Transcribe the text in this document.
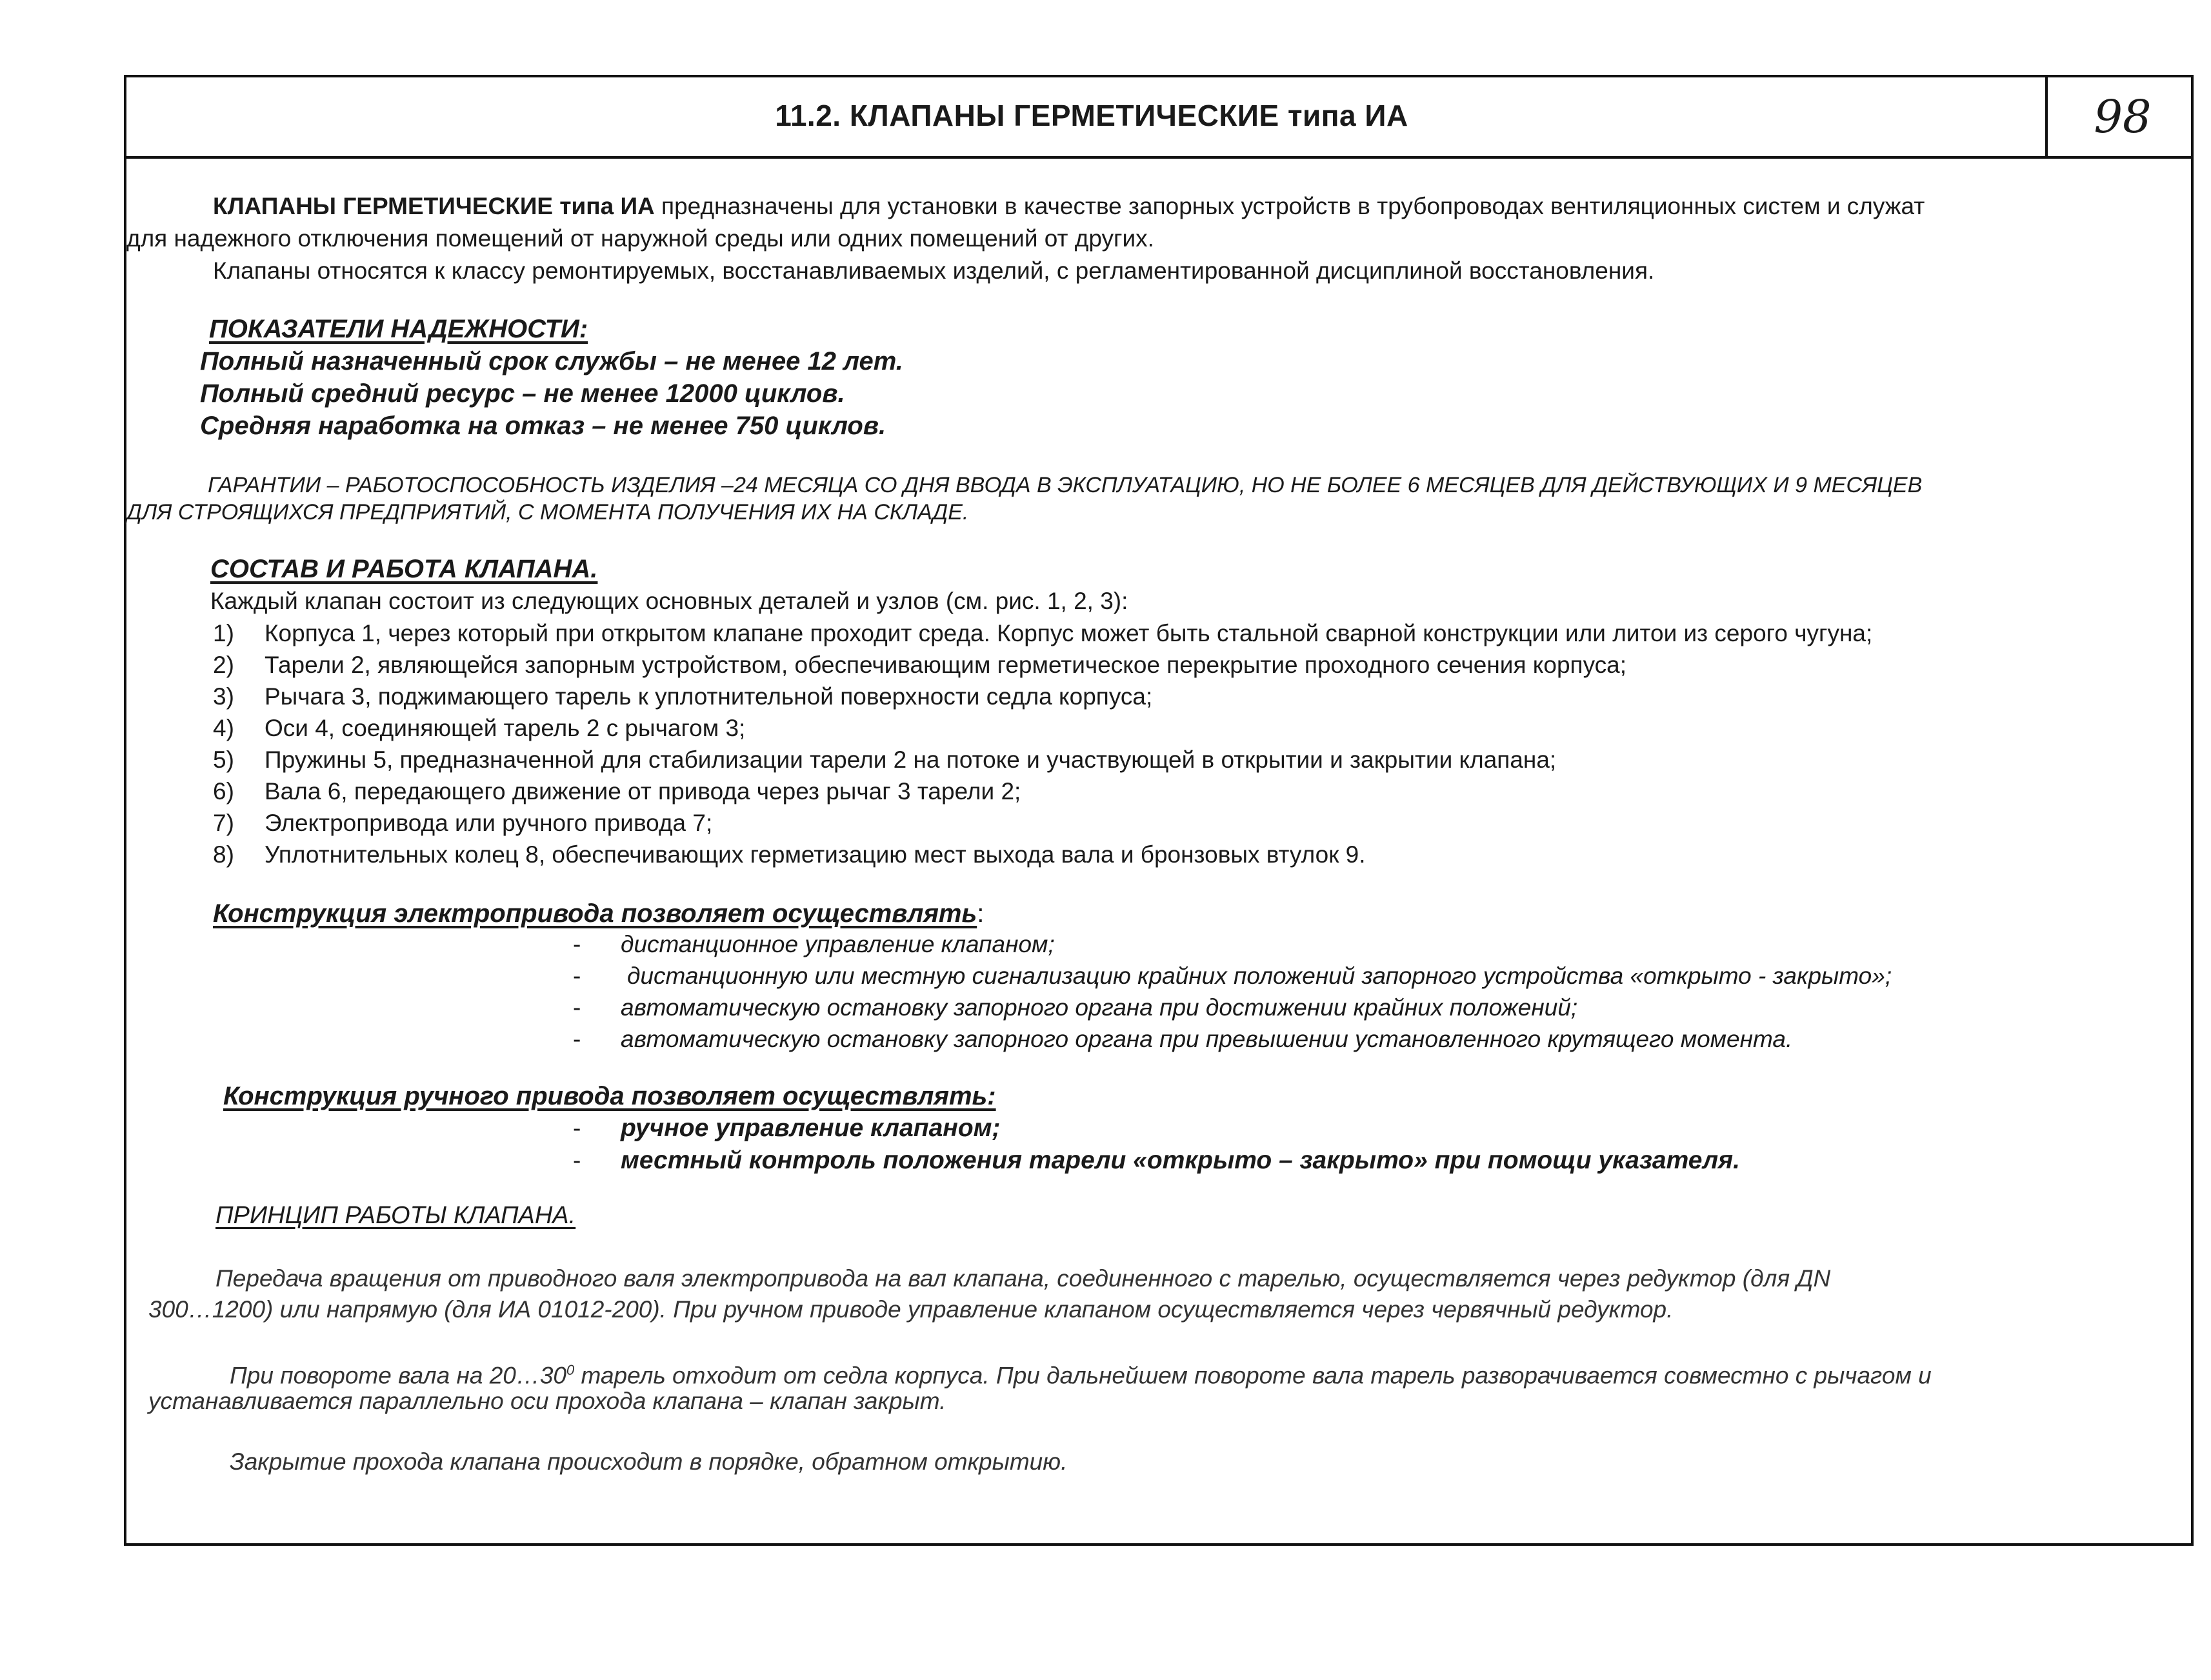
11.2. КЛАПАНЫ ГЕРМЕТИЧЕСКИЕ типа ИА	98
КЛАПАНЫ ГЕРМЕТИЧЕСКИЕ типа ИА предназначены для установки в качестве запорных устройств в трубопроводах вентиляционных систем и служат
для надежного отключения помещений от наружной среды или одних помещений от других.
Клапаны относятся к классу ремонтируемых, восстанавливаемых изделий, с регламентированной дисциплиной восстановления.
ПОКАЗАТЕЛИ НАДЕЖНОСТИ:
Полный назначенный срок службы – не менее 12 лет.
Полный средний ресурс – не менее 12000 циклов.
Средняя наработка на отказ – не менее 750 циклов.
ГАРАНТИИ – РАБОТОСПОСОБНОСТЬ ИЗДЕЛИЯ –24 МЕСЯЦА СО ДНЯ ВВОДА В ЭКСПЛУАТАЦИЮ, НО НЕ БОЛЕЕ 6 МЕСЯЦЕВ ДЛЯ ДЕЙСТВУЮЩИХ И 9 МЕСЯЦЕВ
ДЛЯ СТРОЯЩИХСЯ ПРЕДПРИЯТИЙ, С МОМЕНТА ПОЛУЧЕНИЯ ИХ НА СКЛАДЕ.
СОСТАВ И РАБОТА КЛАПАНА.
Каждый клапан состоит из следующих основных деталей и узлов (см. рис. 1, 2, 3):
1) Корпуса 1, через который при открытом клапане проходит среда. Корпус может быть стальной сварной конструкции или литои из серого чугуна;
2) Тарели 2, являющейся запорным устройством, обеспечивающим герметическое перекрытие проходного сечения корпуса;
3) Рычага 3, поджимающего тарель к уплотнительной поверхности седла корпуса;
4) Оси 4, соединяющей тарель 2 с рычагом 3;
5) Пружины 5, предназначенной для стабилизации тарели 2 на потоке и участвующей в открытии и закрытии клапана;
6) Вала 6, передающего движение от привода через рычаг 3 тарели 2;
7) Электропривода или ручного привода 7;
8) Уплотнительных колец 8, обеспечивающих герметизацию мест выхода вала и бронзовых втулок 9.
Конструкция электропривода позволяет осуществлять:
- дистанционное управление клапаном;
- дистанционную или местную сигнализацию крайних положений запорного устройства «открыто - закрыто»;
- автоматическую остановку запорного органа при достижении крайних положений;
- автоматическую остановку запорного органа при превышении установленного крутящего момента.
Конструкция ручного привода позволяет осуществлять:
- ручное управление клапаном;
- местный контроль положения тарели «открыто – закрыто» при помощи указателя.
ПРИНЦИП РАБОТЫ КЛАПАНА.
Передача вращения от приводного валя электропривода на вал клапана, соединенного с тарелью, осуществляется через редуктор (для ДN
300…1200) или напрямую (для ИА 01012-200). При ручном приводе управление клапаном осуществляется через червячный редуктор.
При повороте вала на $20\dots 30^0$ тарель отходит от седла корпуса. При дальнейшем повороте вала тарель разворачивается совместно с рычагом и
устанавливается параллельно оси прохода клапана – клапан закрыт.
Закрытие прохода клапана происходит в порядке, обратном открытию.
